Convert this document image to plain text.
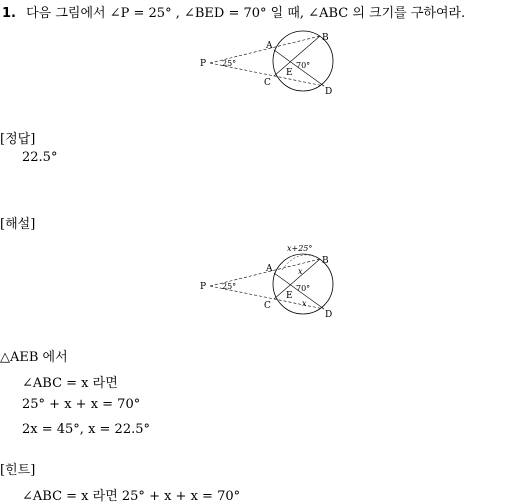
1. 다음 그림에서 ∠P = 25° , ∠BED = 70° 일 때, ∠ABC 의 크기를 구하여라.
P
A
B
C
D
E
25°	70°
[정답]
22.5°
[해설]
x+25°
P
A
B
C
D
E
25°	70°
x
x
△AEB 에서
∠ABC = x 라면
25° + x + x = 70°
2x = 45°, x = 22.5°
[힌트]
∠ABC = x 라면 25° + x + x = 70°
